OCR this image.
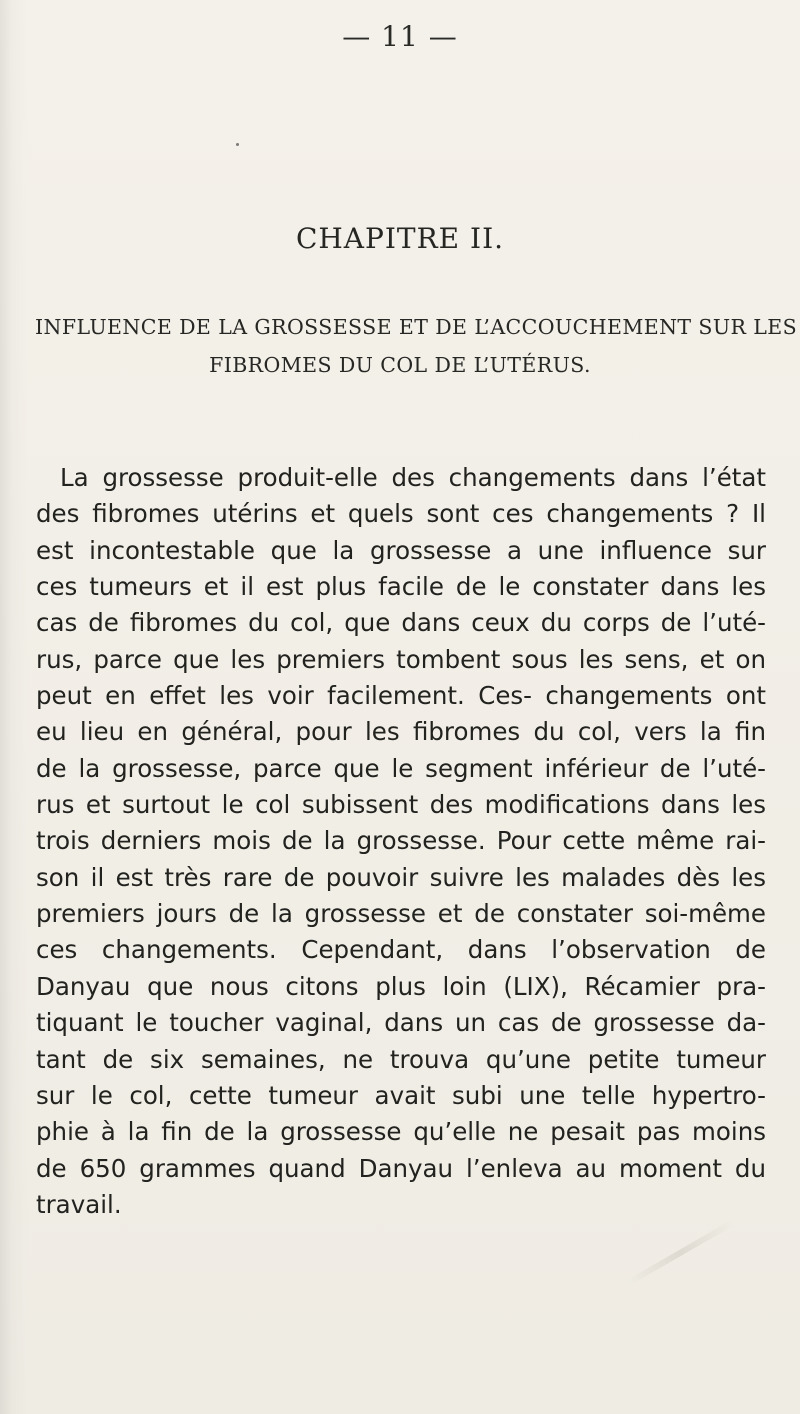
— 11 —
CHAPITRE II.
INFLUENCE DE LA GROSSESSE ET DE L’ACCOUCHEMENT SUR LES
FIBROMES DU COL DE L’UTÉRUS.
La grossesse produit-elle des changements dans l’état
des fibromes utérins et quels sont ces changements ? Il
est incontestable que la grossesse a une influence sur
ces tumeurs et il est plus facile de le constater dans les
cas de fibromes du col, que dans ceux du corps de l’uté-
rus, parce que les premiers tombent sous les sens, et on
peut en effet les voir facilement. Ces- changements ont
eu lieu en général, pour les fibromes du col, vers la fin
de la grossesse, parce que le segment inférieur de l’uté-
rus et surtout le col subissent des modifications dans les
trois derniers mois de la grossesse. Pour cette même rai-
son il est très rare de pouvoir suivre les malades dès les
premiers jours de la grossesse et de constater soi-même
ces changements. Cependant, dans l’observation de
Danyau que nous citons plus loin (LIX), Récamier pra-
tiquant le toucher vaginal, dans un cas de grossesse da-
tant de six semaines, ne trouva qu’une petite tumeur
sur le col, cette tumeur avait subi une telle hypertro-
phie à la fin de la grossesse qu’elle ne pesait pas moins
de 650 grammes quand Danyau l’enleva au moment du
travail.
